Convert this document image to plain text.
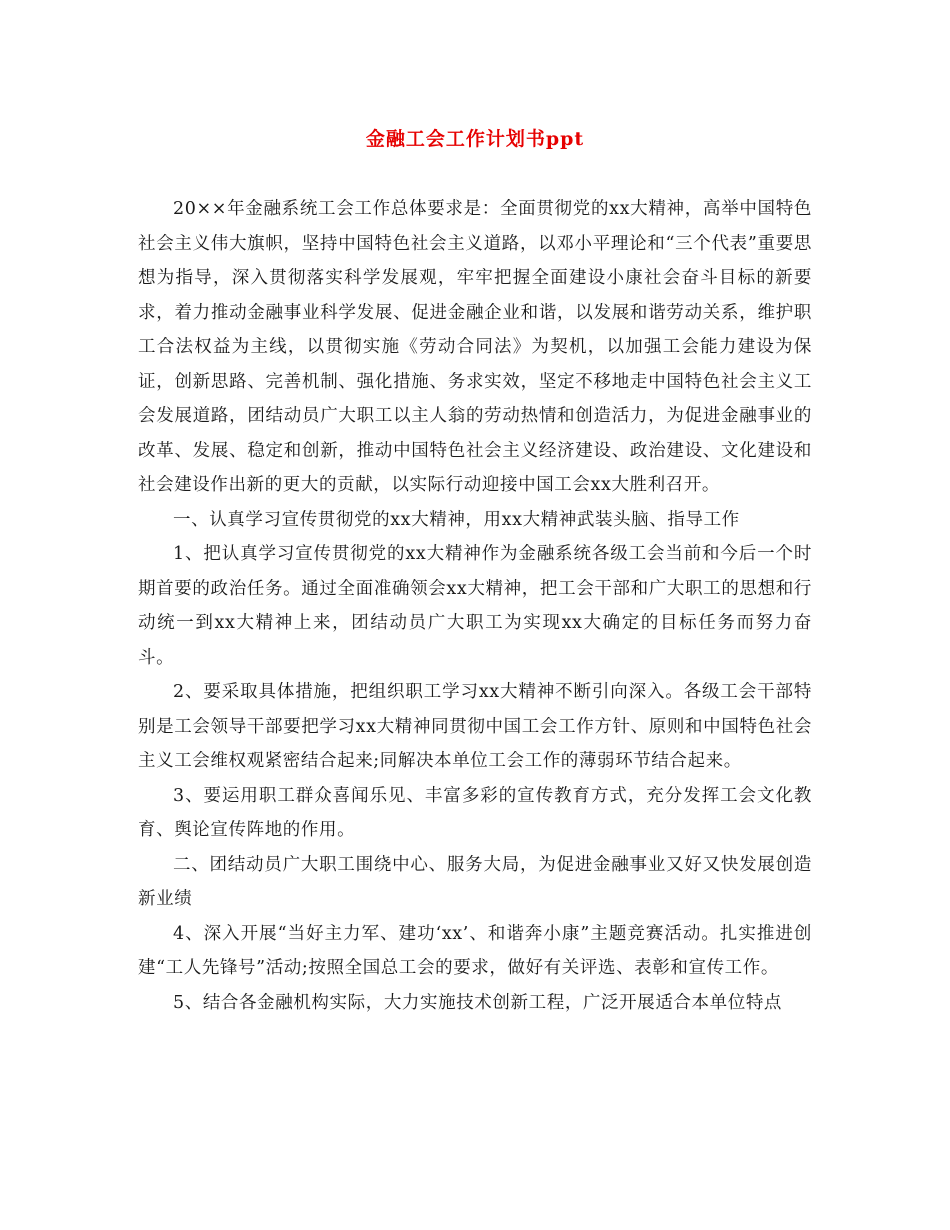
金融工会工作计划书ppt

20××年金融系统工会工作总体要求是：全面贯彻党的xx大精神，高举中国特色社会主义伟大旗帜，坚持中国特色社会主义道路，以邓小平理论和“三个代表”重要思想为指导，深入贯彻落实科学发展观，牢牢把握全面建设小康社会奋斗目标的新要求，着力推动金融事业科学发展、促进金融企业和谐，以发展和谐劳动关系，维护职工合法权益为主线，以贯彻实施《劳动合同法》为契机，以加强工会能力建设为保证，创新思路、完善机制、强化措施、务求实效，坚定不移地走中国特色社会主义工会发展道路，团结动员广大职工以主人翁的劳动热情和创造活力，为促进金融事业的改革、发展、稳定和创新，推动中国特色社会主义经济建设、政治建设、文化建设和社会建设作出新的更大的贡献，以实际行动迎接中国工会xx大胜利召开。

一、认真学习宣传贯彻党的xx大精神，用xx大精神武装头脑、指导工作

1、把认真学习宣传贯彻党的xx大精神作为金融系统各级工会当前和今后一个时期首要的政治任务。通过全面准确领会xx大精神，把工会干部和广大职工的思想和行动统一到xx大精神上来，团结动员广大职工为实现xx大确定的目标任务而努力奋斗。

2、要采取具体措施，把组织职工学习xx大精神不断引向深入。各级工会干部特别是工会领导干部要把学习xx大精神同贯彻中国工会工作方针、原则和中国特色社会主义工会维权观紧密结合起来;同解决本单位工会工作的薄弱环节结合起来。

3、要运用职工群众喜闻乐见、丰富多彩的宣传教育方式，充分发挥工会文化教育、舆论宣传阵地的作用。

二、团结动员广大职工围绕中心、服务大局，为促进金融事业又好又快发展创造新业绩

4、深入开展“当好主力军、建功‘xx’、和谐奔小康”主题竞赛活动。扎实推进创建“工人先锋号”活动;按照全国总工会的要求，做好有关评选、表彰和宣传工作。

5、结合各金融机构实际，大力实施技术创新工程，广泛开展适合本单位特点
